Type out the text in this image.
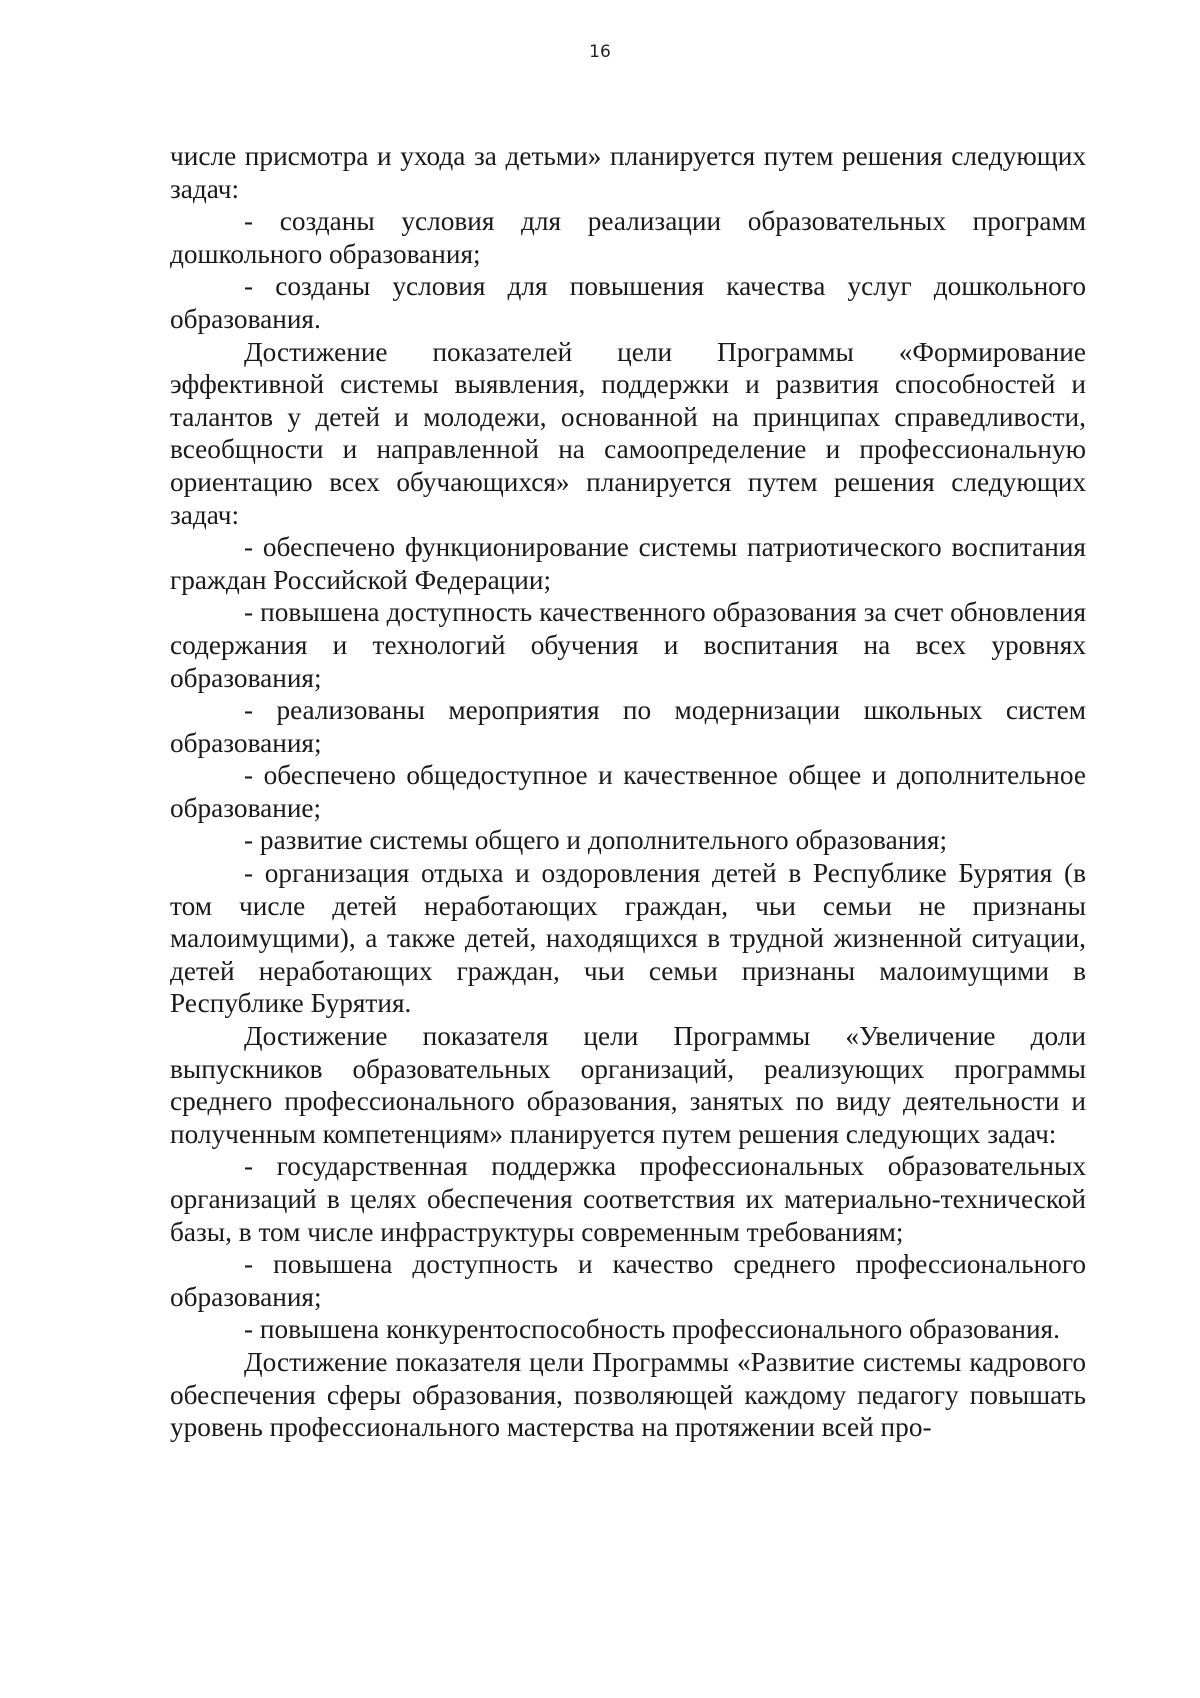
16

числе присмотра и ухода за детьми» планируется путем решения следующих задач:

- созданы условия для реализации образовательных программ дошкольного образования;

- созданы условия для повышения качества услуг дошкольного образования.

Достижение показателей цели Программы «Формирование эффективной системы выявления, поддержки и развития способностей и талантов у детей и молодежи, основанной на принципах справедливости, всеобщности и направленной на самоопределение и профессиональную ориентацию всех обучающихся» планируется путем решения следующих задач:

- обеспечено функционирование системы патриотического воспитания граждан Российской Федерации;

- повышена доступность качественного образования за счет обновления содержания и технологий обучения и воспитания на всех уровнях образования;

- реализованы мероприятия по модернизации школьных систем образования;

- обеспечено общедоступное и качественное общее и дополнительное образование;

- развитие системы общего и дополнительного образования;

- организация отдыха и оздоровления детей в Республике Бурятия (в том числе детей неработающих граждан, чьи семьи не признаны малоимущими), а также детей, находящихся в трудной жизненной ситуации, детей неработающих граждан, чьи семьи признаны малоимущими в Республике Бурятия.

Достижение показателя цели Программы «Увеличение доли выпускников образовательных организаций, реализующих программы среднего профессионального образования, занятых по виду деятельности и полученным компетенциям» планируется путем решения следующих задач:

- государственная поддержка профессиональных образовательных организаций в целях обеспечения соответствия их материально-технической базы, в том числе инфраструктуры современным требованиям;

- повышена доступность и качество среднего профессионального образования;

- повышена конкурентоспособность профессионального образования.

Достижение показателя цели Программы «Развитие системы кадрового обеспечения сферы образования, позволяющей каждому педагогу повышать уровень профессионального мастерства на протяжении всей про-
